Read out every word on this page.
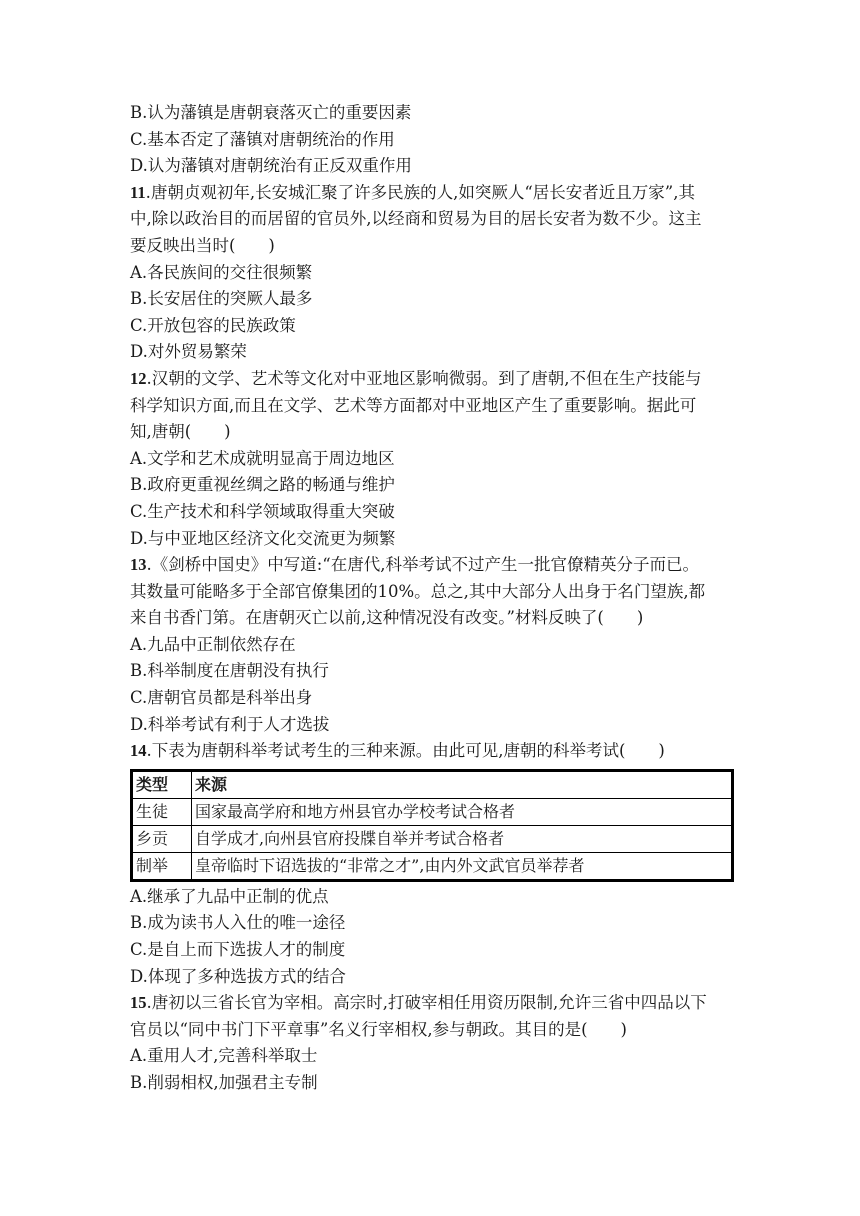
B.认为藩镇是唐朝衰落灭亡的重要因素
C.基本否定了藩镇对唐朝统治的作用
D.认为藩镇对唐朝统治有正反双重作用
11.唐朝贞观初年,长安城汇聚了许多民族的人,如突厥人“居长安者近且万家”,其
中,除以政治目的而居留的官员外,以经商和贸易为目的居长安者为数不少。这主
要反映出当时(　　)
A.各民族间的交往很频繁
B.长安居住的突厥人最多
C.开放包容的民族政策
D.对外贸易繁荣
12.汉朝的文学、艺术等文化对中亚地区影响微弱。到了唐朝,不但在生产技能与
科学知识方面,而且在文学、艺术等方面都对中亚地区产生了重要影响。据此可
知,唐朝(　　)
A.文学和艺术成就明显高于周边地区
B.政府更重视丝绸之路的畅通与维护
C.生产技术和科学领域取得重大突破
D.与中亚地区经济文化交流更为频繁
13.《剑桥中国史》中写道:“在唐代,科举考试不过产生一批官僚精英分子而已。
其数量可能略多于全部官僚集团的10%。总之,其中大部分人出身于名门望族,都
来自书香门第。在唐朝灭亡以前,这种情况没有改变。”材料反映了(　　)
A.九品中正制依然存在
B.科举制度在唐朝没有执行
C.唐朝官员都是科举出身
D.科举考试有利于人才选拔
14.下表为唐朝科举考试考生的三种来源。由此可见,唐朝的科举考试(　　)
类型	来源
生徒	国家最高学府和地方州县官办学校考试合格者
乡贡	自学成才,向州县官府投牒自举并考试合格者
制举	皇帝临时下诏选拔的“非常之才”,由内外文武官员举荐者
A.继承了九品中正制的优点
B.成为读书人入仕的唯一途径
C.是自上而下选拔人才的制度
D.体现了多种选拔方式的结合
15.唐初以三省长官为宰相。高宗时,打破宰相任用资历限制,允许三省中四品以下
官员以“同中书门下平章事”名义行宰相权,参与朝政。其目的是(　　)
A.重用人才,完善科举取士
B.削弱相权,加强君主专制
